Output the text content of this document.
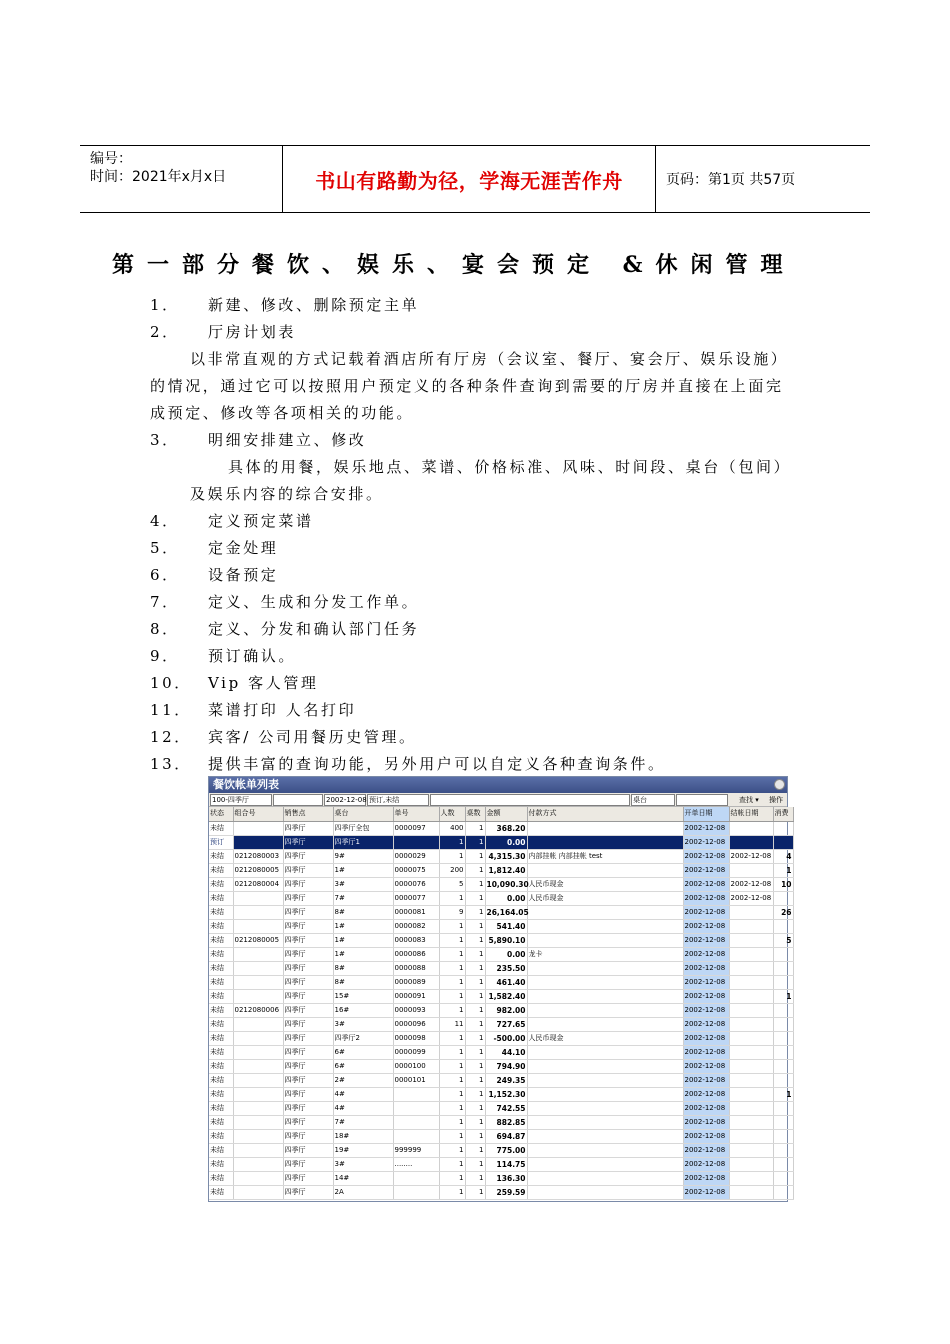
编号：
时间：2021年x月x日	书山有路勤为径，学海无涯苦作舟	页码：第1页 共57页
第一部分餐饮、娱乐、宴会预定 &休闲管理
1． 新建、修改、删除预定主单
2． 厅房计划表
以非常直观的方式记载着酒店所有厅房（会议室、餐厅、宴会厅、娱乐设施）
的情况，通过它可以按照用户预定义的各种条件查询到需要的厅房并直接在上面完
成预定、修改等各项相关的功能。
3． 明细安排建立、修改
具体的用餐，娱乐地点、菜谱、价格标准、风味、时间段、桌台（包间）
及娱乐内容的综合安排。
4． 定义预定菜谱
5． 定金处理
6． 设备预定
7． 定义、生成和分发工作单。
8． 定义、分发和确认部门任务
9． 预订确认。
10． Vip 客人管理
11． 菜谱打印 人名打印
12． 宾客/ 公司用餐历史管理。
13． 提供丰富的查询功能，另外用户可以自定义各种查询条件。
餐饮帐单列表
100-四季厅	2002-12-08 预订,未结	桌台	查找 ▾ 操作
状态	组合号	销售点	桌台	单号	人数	桌数	金额	付款方式	开单日期	结帐日期	消费
未结		四季厅	四季厅全包	0000097	400	1	368.20		2002-12-08		
预订		四季厅	四季厅1		1	1	0.00		2002-12-08		
未结	0212080003	四季厅	9#	0000029	1	1	4,315.30	内部挂帐 内部挂帐 test	2002-12-08	2002-12-08	4
未结	0212080005	四季厅	1#	0000075	200	1	1,812.40		2002-12-08		1
未结	0212080004	四季厅	3#	0000076	5	1	10,090.30	人民币现金	2002-12-08	2002-12-08	10
未结		四季厅	7#	0000077	1	1	0.00	人民币现金	2002-12-08	2002-12-08	
未结		四季厅	8#	0000081	9	1	26,164.05		2002-12-08		26
未结		四季厅	1#	0000082	1	1	541.40		2002-12-08		
未结	0212080005	四季厅	1#	0000083	1	1	5,890.10		2002-12-08		5
未结		四季厅	1#	0000086	1	1	0.00	龙卡	2002-12-08		
未结		四季厅	8#	0000088	1	1	235.50		2002-12-08		
未结		四季厅	8#	0000089	1	1	461.40		2002-12-08		
未结		四季厅	15#	0000091	1	1	1,582.40		2002-12-08		1
未结	0212080006	四季厅	16#	0000093	1	1	982.00		2002-12-08		
未结		四季厅	3#	0000096	11	1	727.65		2002-12-08		
未结		四季厅	四季厅2	0000098	1	1	-500.00	人民币现金	2002-12-08		
未结		四季厅	6#	0000099	1	1	44.10		2002-12-08		
未结		四季厅	6#	0000100	1	1	794.90		2002-12-08		
未结		四季厅	2#	0000101	1	1	249.35		2002-12-08		
未结		四季厅	4#		1	1	1,152.30		2002-12-08		1
未结		四季厅	4#		1	1	742.55		2002-12-08		
未结		四季厅	7#		1	1	882.85		2002-12-08		
未结		四季厅	18#		1	1	694.87		2002-12-08		
未结		四季厅	19#	999999	1	1	775.00		2002-12-08		
未结		四季厅	3#	........	1	1	114.75		2002-12-08		
未结		四季厅	14#		1	1	136.30		2002-12-08		
未结		四季厅	2A		1	1	259.59		2002-12-08		
